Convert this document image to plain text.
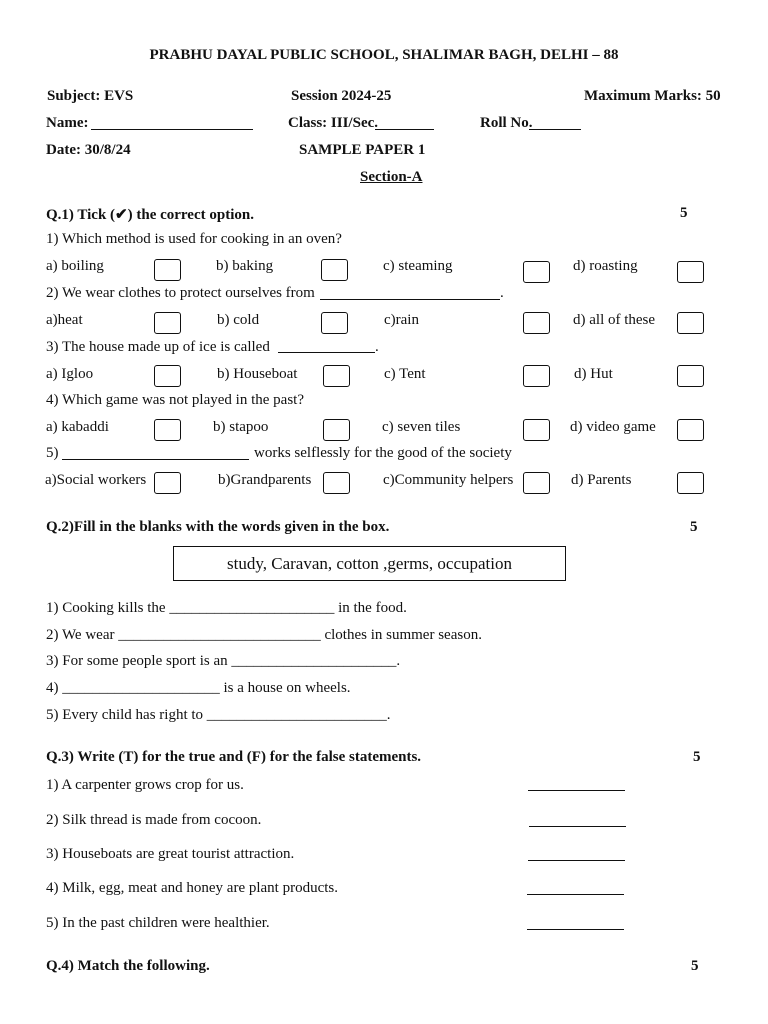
PRABHU DAYAL PUBLIC SCHOOL, SHALIMAR BAGH, DELHI – 88
Subject: EVS	Session 2024-25	Maximum Marks: 50
Name:	Class: III/Sec.	Roll No.
Date: 30/8/24	SAMPLE PAPER 1
Section-A
Q.1) Tick (✔) the correct option.	5
1) Which method is used for cooking in an oven?
a) boiling	b) baking	c) steaming	d) roasting
2) We wear clothes to protect ourselves from	.
a)heat	b) cold	c)rain	d) all of these
3) The house made up of ice is called	.
a) Igloo	b) Houseboat	c) Tent	d) Hut
4) Which game was not played in the past?
a) kabaddi	b) stapoo	c) seven tiles	d) video game
5)	works selflessly for the good of the society
a)Social workers	b)Grandparents	c)Community helpers	d) Parents
Q.2)Fill in the blanks with the words given in the box.	5
study, Caravan, cotton ,germs, occupation
1) Cooking kills the ______________________ in the food.
2) We wear ___________________________ clothes in summer season.
3) For some people sport is an ______________________.
4) _____________________ is a house on wheels.
5) Every child has right to ________________________.
Q.3) Write (T) for the true and (F) for the false statements.	5
1) A carpenter grows crop for us.
2) Silk thread is made from cocoon.
3) Houseboats are great tourist attraction.
4) Milk, egg, meat and honey are plant products.
5) In the past children were healthier.
Q.4) Match the following.	5
